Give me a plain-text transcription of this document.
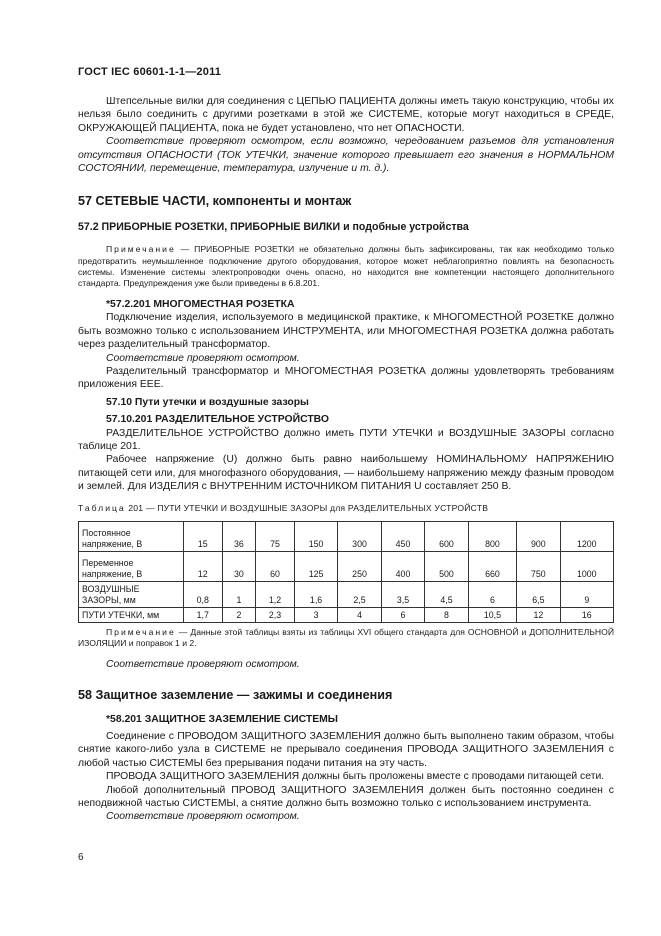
ГОСТ IEC 60601-1-1—2011

Штепсельные вилки для соединения с ЦЕПЬЮ ПАЦИЕНТА должны иметь такую конструкцию, чтобы их нельзя было соединить с другими розетками в этой же СИСТЕМЕ, которые могут находиться в СРЕДЕ, ОКРУЖАЮЩЕЙ ПАЦИЕНТА, пока не будет установлено, что нет ОПАСНОСТИ.

Соответствие проверяют осмотром, если возможно, чередованием разъемов для установления отсутствия ОПАСНОСТИ (ТОК УТЕЧКИ, значение которого превышает его значения в НОРМАЛЬНОМ СОСТОЯНИИ, перемещение, температура, излучение и т. д.).

57 СЕТЕВЫЕ ЧАСТИ, компоненты и монтаж
57.2 ПРИБОРНЫЕ РОЗЕТКИ, ПРИБОРНЫЕ ВИЛКИ и подобные устройства

Примечание — ПРИБОРНЫЕ РОЗЕТКИ не обязательно должны быть зафиксированы, так как необходимо только предотвратить неумышленное подключение другого оборудования, которое может неблагоприятно повлиять на безопасность системы. Изменение системы электропроводки очень опасно, но находится вне компетенции настоящего дополнительного стандарта. Предупреждения уже были приведены в 6.8.201.

*57.2.201 МНОГОМЕСТНАЯ РОЗЕТКА

Подключение изделия, используемого в медицинской практике, к МНОГОМЕСТНОЙ РОЗЕТКЕ должно быть возможно только с использованием ИНСТРУМЕНТА, или МНОГОМЕСТНАЯ РОЗЕТКА должна работать через разделительный трансформатор.

Соответствие проверяют осмотром.

Разделительный трансформатор и МНОГОМЕСТНАЯ РОЗЕТКА должны удовлетворять требованиям приложения ЕЕЕ.

57.10 Пути утечки и воздушные зазоры

57.10.201 РАЗДЕЛИТЕЛЬНОЕ УСТРОЙСТВО

РАЗДЕЛИТЕЛЬНОЕ УСТРОЙСТВО должно иметь ПУТИ УТЕЧКИ и ВОЗДУШНЫЕ ЗАЗОРЫ согласно таблице 201.

Рабочее напряжение (U) должно быть равно наибольшему НОМИНАЛЬНОМУ НАПРЯЖЕНИЮ питающей сети или, для многофазного оборудования, — наибольшему напряжению между фазным проводом и землей. Для ИЗДЕЛИЯ с ВНУТРЕННИМ ИСТОЧНИКОМ ПИТАНИЯ U составляет 250 В.

Таблица 201 — ПУТИ УТЕЧКИ И ВОЗДУШНЫЕ ЗАЗОРЫ для РАЗДЕЛИТЕЛЬНЫХ УСТРОЙСТВ
Постоянное напряжение, В	15	36	75	150	300	450	600	800	900	1200
Переменное напряжение, В	12	30	60	125	250	400	500	660	750	1000
ВОЗДУШНЫЕ ЗАЗОРЫ, мм	0,8	1	1,2	1,6	2,5	3,5	4,5	6	6,5	9
ПУТИ УТЕЧКИ, мм	1,7	2	2,3	3	4	6	8	10,5	12	16

Примечание — Данные этой таблицы взяты из таблицы XVI общего стандарта для ОСНОВНОЙ и ДОПОЛНИТЕЛЬНОЙ ИЗОЛЯЦИИ и поправок 1 и 2.

Соответствие проверяют осмотром.

58 Защитное заземление — зажимы и соединения

*58.201 ЗАЩИТНОЕ ЗАЗЕМЛЕНИЕ СИСТЕМЫ

Соединение с ПРОВОДОМ ЗАЩИТНОГО ЗАЗЕМЛЕНИЯ должно быть выполнено таким образом, чтобы снятие какого-либо узла в СИСТЕМЕ не прерывало соединения ПРОВОДА ЗАЩИТНОГО ЗАЗЕМЛЕНИЯ с любой частью СИСТЕМЫ без прерывания подачи питания на эту часть.

ПРОВОДА ЗАЩИТНОГО ЗАЗЕМЛЕНИЯ должны быть проложены вместе с проводами питающей сети.

Любой дополнительный ПРОВОД ЗАЩИТНОГО ЗАЗЕМЛЕНИЯ должен быть постоянно соединен с неподвижной частью СИСТЕМЫ, а снятие должно быть возможно только с использованием инструмента.

Соответствие проверяют осмотром.

6
